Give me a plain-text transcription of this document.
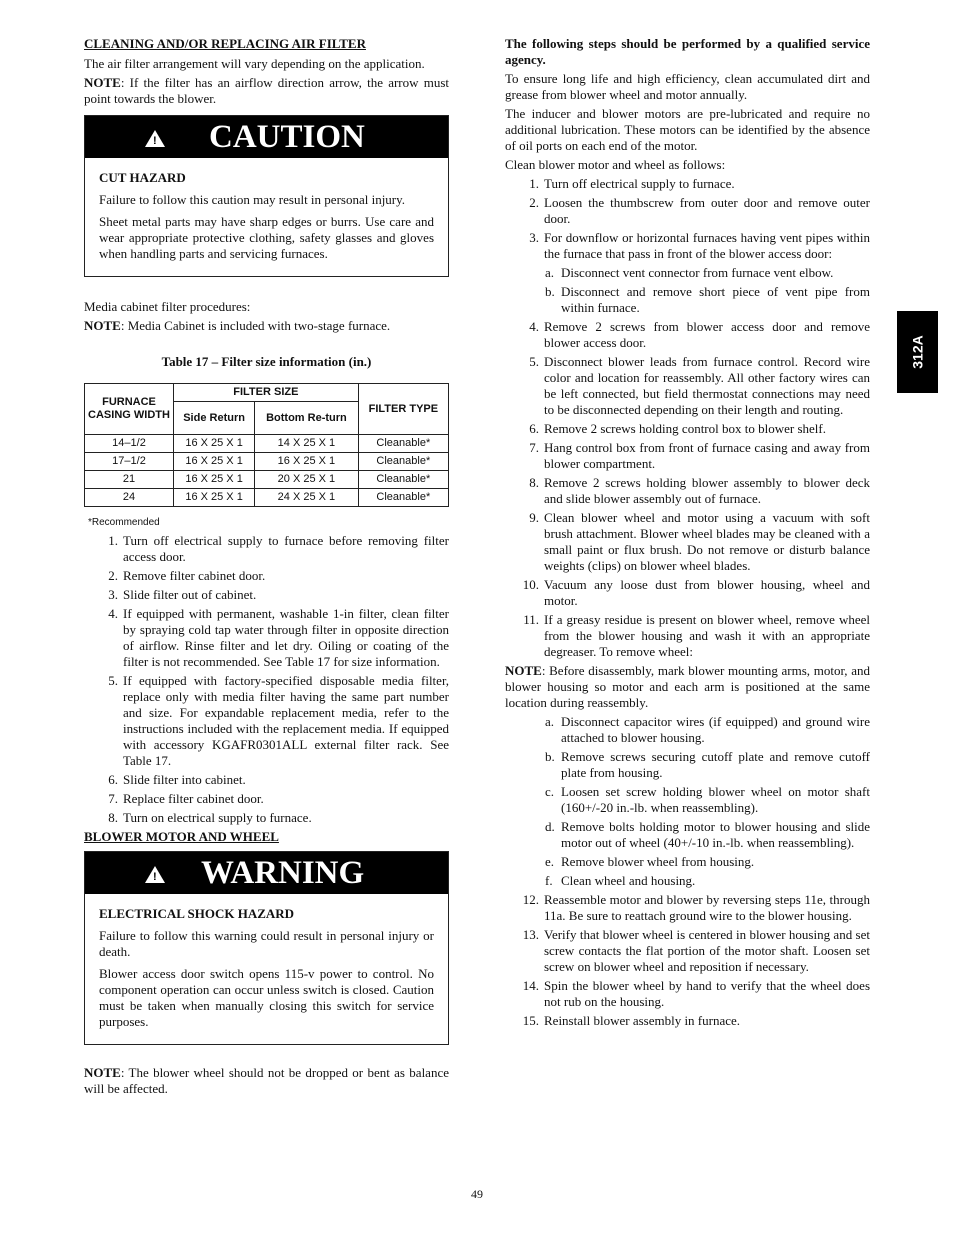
CLEANING AND/OR REPLACING AIR FILTER

The air filter arrangement will vary depending on the application.

NOTE: If the filter has an airflow direction arrow, the arrow must point towards the blower.

!
CAUTION
CUT HAZARD

Failure to follow this caution may result in personal injury.

Sheet metal parts may have sharp edges or burrs. Use care and wear appropriate protective clothing, safety glasses and gloves when handling parts and servicing furnaces.

Media cabinet filter procedures:

NOTE: Media Cabinet is included with two-stage furnace.

Table 17 – Filter size information (in.)
FURNACE CASING WIDTH	FILTER SIZE		FILTER TYPE
	Side Return	Bottom Re-turn	
14–1/2	16 X 25 X 1	14 X 25 X 1	Cleanable*
17–1/2	16 X 25 X 1	16 X 25 X 1	Cleanable*
21	16 X 25 X 1	20 X 25 X 1	Cleanable*
24	16 X 25 X 1	24 X 25 X 1	Cleanable*
*Recommended
1. Turn off electrical supply to furnace before removing filter access door.
2. Remove filter cabinet door.
3. Slide filter out of cabinet.
4. If equipped with permanent, washable 1-in filter, clean filter by spraying cold tap water through filter in opposite direction of airflow. Rinse filter and let dry. Oiling or coating of the filter is not recommended. See Table 17 for size information.
5. If equipped with factory-specified disposable media filter, replace only with media filter having the same part number and size. For expandable replacement media, refer to the instructions included with the replacement media. If equipped with accessory KGAFR0301ALL external filter rack. See Table 17.
6. Slide filter into cabinet.
7. Replace filter cabinet door.
8. Turn on electrical supply to furnace.
BLOWER MOTOR AND WHEEL
!
WARNING
ELECTRICAL SHOCK HAZARD

Failure to follow this warning could result in personal injury or death.

Blower access door switch opens 115-v power to control. No component operation can occur unless switch is closed. Caution must be taken when manually closing this switch for service purposes.

NOTE: The blower wheel should not be dropped or bent as balance will be affected.

The following steps should be performed by a qualified service agency.

To ensure long life and high efficiency, clean accumulated dirt and grease from blower wheel and motor annually.

The inducer and blower motors are pre-lubricated and require no additional lubrication. These motors can be identified by the absence of oil ports on each end of the motor.

Clean blower motor and wheel as follows:

1. Turn off electrical supply to furnace.
2. Loosen the thumbscrew from outer door and remove outer door.
3. For downflow or horizontal furnaces having vent pipes within the furnace that pass in front of the blower access door:
a. Disconnect vent connector from furnace vent elbow.
b. Disconnect and remove short piece of vent pipe from within furnace.
4. Remove 2 screws from blower access door and remove blower access door.
5. Disconnect blower leads from furnace control. Record wire color and location for reassembly. All other factory wires can be left connected, but field thermostat connections may need to be disconnected depending on their length and routing.
6. Remove 2 screws holding control box to blower shelf.
7. Hang control box from front of furnace casing and away from blower compartment.
8. Remove 2 screws holding blower assembly to blower deck and slide blower assembly out of furnace.
9. Clean blower wheel and motor using a vacuum with soft brush attachment. Blower wheel blades may be cleaned with a small paint or flux brush. Do not remove or disturb balance weights (clips) on blower wheel blades.
10. Vacuum any loose dust from blower housing, wheel and motor.
11. If a greasy residue is present on blower wheel, remove wheel from the blower housing and wash it with an appropriate degreaser. To remove wheel:

NOTE: Before disassembly, mark blower mounting arms, motor, and blower housing so motor and each arm is positioned at the same location during reassembly.

a. Disconnect capacitor wires (if equipped) and ground wire attached to blower housing.
b. Remove screws securing cutoff plate and remove cutoff plate from housing.
c. Loosen set screw holding blower wheel on motor shaft (160+/-20 in.-lb. when reassembling).
d. Remove bolts holding motor to blower housing and slide motor out of wheel (40+/-10 in.-lb. when reassembling).
e. Remove blower wheel from housing.
f. Clean wheel and housing.
12. Reassemble motor and blower by reversing steps 11e, through 11a. Be sure to reattach ground wire to the blower housing.
13. Verify that blower wheel is centered in blower housing and set screw contacts the flat portion of the motor shaft. Loosen set screw on blower wheel and reposition if necessary.
14. Spin the blower wheel by hand to verify that the wheel does not rub on the housing.
15. Reinstall blower assembly in furnace.
312A
49
